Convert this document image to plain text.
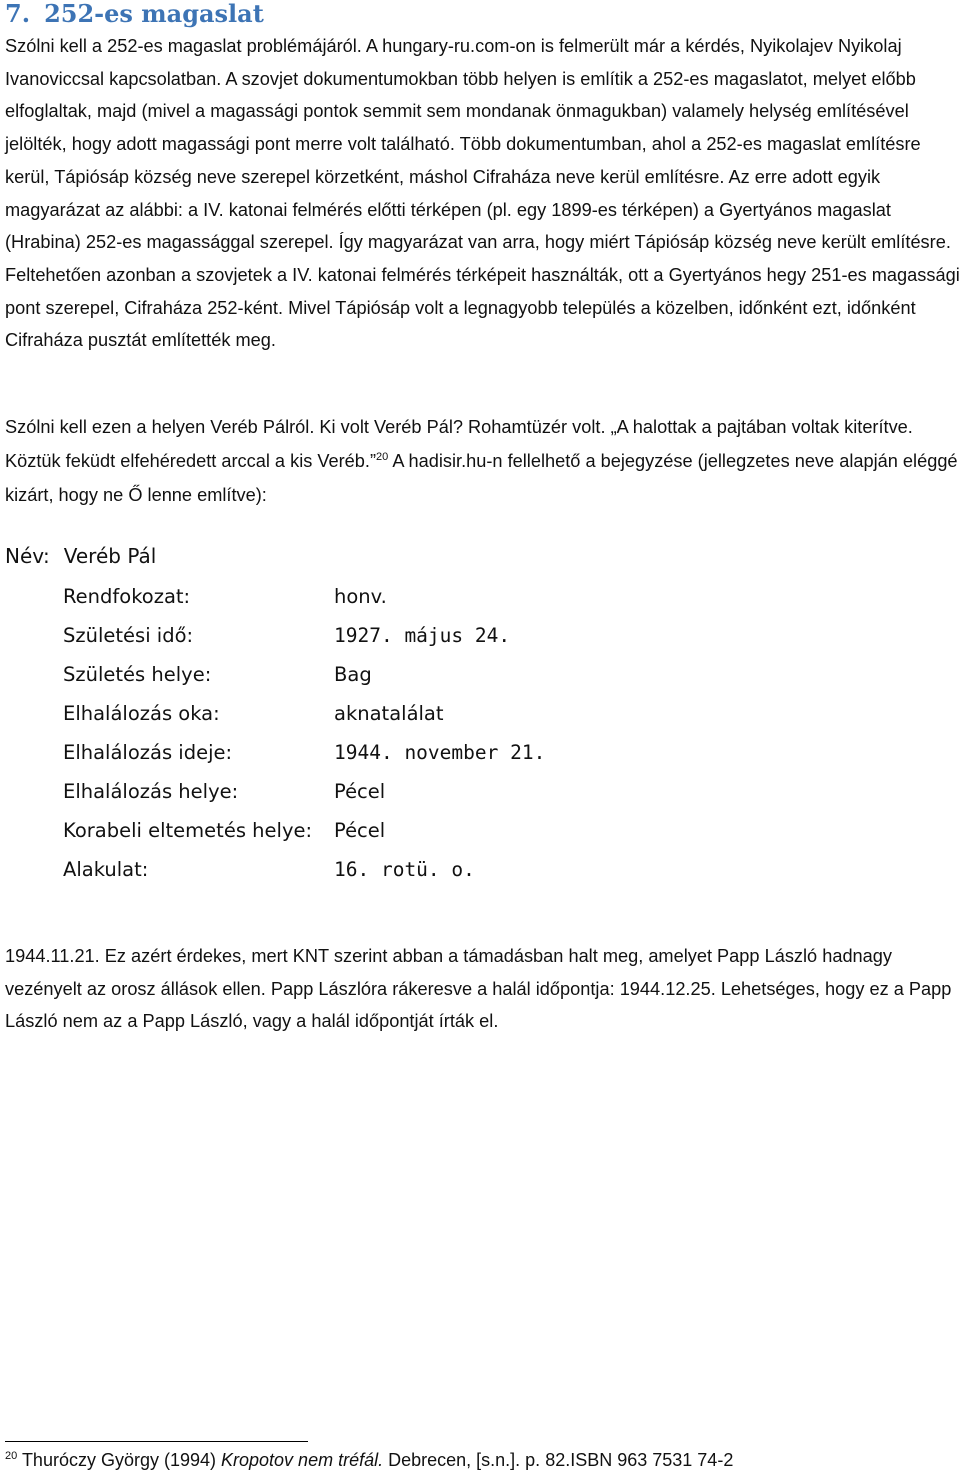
7. 252-es magaslat

Szólni kell a 252-es magaslat problémájáról. A hungary-ru.com-on is felmerült már a kérdés, Nyikolajev Nyikolaj Ivanoviccsal kapcsolatban. A szovjet dokumentumokban több helyen is említik a 252-es magaslatot, melyet előbb elfoglaltak, majd (mivel a magassági pontok semmit sem mondanak önmagukban) valamely helység említésével jelölték, hogy adott magassági pont merre volt található. Több dokumentumban, ahol a 252-es magaslat említésre kerül, Tápiósáp község neve szerepel körzetként, máshol Cifraháza neve kerül említésre. Az erre adott egyik magyarázat az alábbi: a IV. katonai felmérés előtti térképen (pl. egy 1899-es térképen) a Gyertyános magaslat (Hrabina) 252-es magassággal szerepel. Így magyarázat van arra, hogy miért Tápiósáp község neve került említésre. Feltehetően azonban a szovjetek a IV. katonai felmérés térképeit használták, ott a Gyertyános hegy 251-es magassági pont szerepel, Cifraháza 252-ként. Mivel Tápiósáp volt a legnagyobb település a közelben, időnként ezt, időnként Cifraháza pusztát említették meg.

Szólni kell ezen a helyen Veréb Pálról. Ki volt Veréb Pál? Rohamtüzér volt. „A halottak a pajtában voltak kiterítve. Köztük feküdt elfehéredett arccal a kis Veréb.”$^{20}$ A hadisir.hu-n fellelhető a bejegyzése (jellegzetes neve alapján eléggé kizárt, hogy ne Ő lenne említve):

Név: Veréb Pál
Rendfokozat:	honv.
Születési idő:	1927. május 24.
Születés helye:	Bag
Elhalálozás oka:	aknatalálat
Elhalálozás ideje:	1944. november 21.
Elhalálozás helye:	Pécel
Korabeli eltemetés helye: Pécel
Alakulat:	16. rotü. o.

1944.11.21. Ez azért érdekes, mert KNT szerint abban a támadásban halt meg, amelyet Papp László hadnagy vezényelt az orosz állások ellen. Papp Lászlóra rákeresve a halál időpontja: 1944.12.25. Lehetséges, hogy ez a Papp László nem az a Papp László, vagy a halál időpontját írták el.

$^{20}$ Thuróczy György (1994) Kropotov nem tréfál. Debrecen, [s.n.]. p. 82.ISBN 963 7531 74-2
